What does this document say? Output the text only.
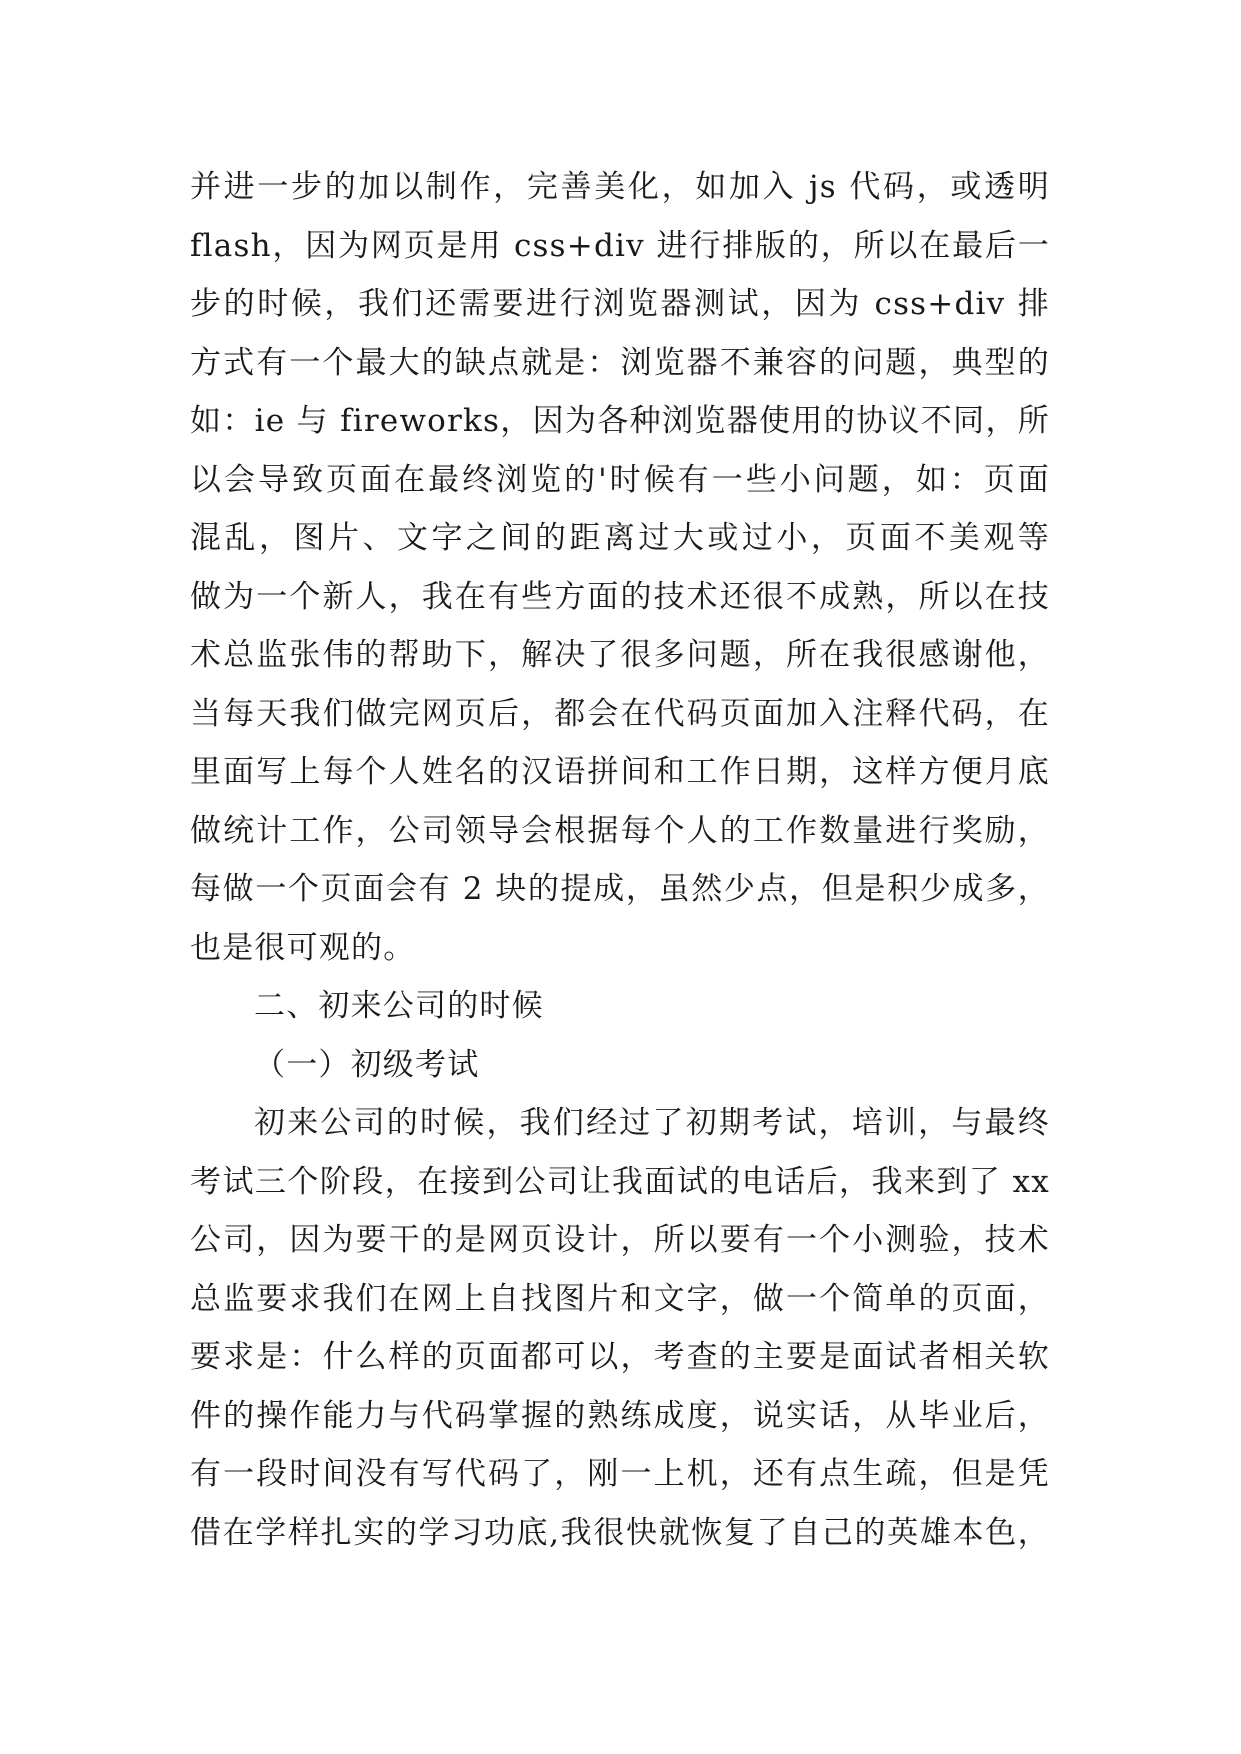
并进一步的加以制作，完善美化，如加入 js 代码，或透明
flash，因为网页是用 css+div 进行排版的，所以在最后一
步的时候，我们还需要进行浏览器测试，因为 css+div 排
方式有一个最大的缺点就是：浏览器不兼容的问题，典型的
如：ie 与 fireworks，因为各种浏览器使用的协议不同，所
以会导致页面在最终浏览的'时候有一些小问题，如：页面
混乱，图片、文字之间的距离过大或过小，页面不美观等
做为一个新人，我在有些方面的技术还很不成熟，所以在技
术总监张伟的帮助下，解决了很多问题，所在我很感谢他，
当每天我们做完网页后，都会在代码页面加入注释代码，在
里面写上每个人姓名的汉语拼间和工作日期，这样方便月底
做统计工作，公司领导会根据每个人的工作数量进行奖励，
每做一个页面会有 2 块的提成，虽然少点，但是积少成多，
也是很可观的。
二、初来公司的时候
（一）初级考试
初来公司的时候，我们经过了初期考试，培训，与最终
考试三个阶段，在接到公司让我面试的电话后，我来到了 xx
公司，因为要干的是网页设计，所以要有一个小测验，技术
总监要求我们在网上自找图片和文字，做一个简单的页面，
要求是：什么样的页面都可以，考查的主要是面试者相关软
件的操作能力与代码掌握的熟练成度，说实话，从毕业后，
有一段时间没有写代码了，刚一上机，还有点生疏，但是凭
借在学样扎实的学习功底,我很快就恢复了自己的英雄本色，
